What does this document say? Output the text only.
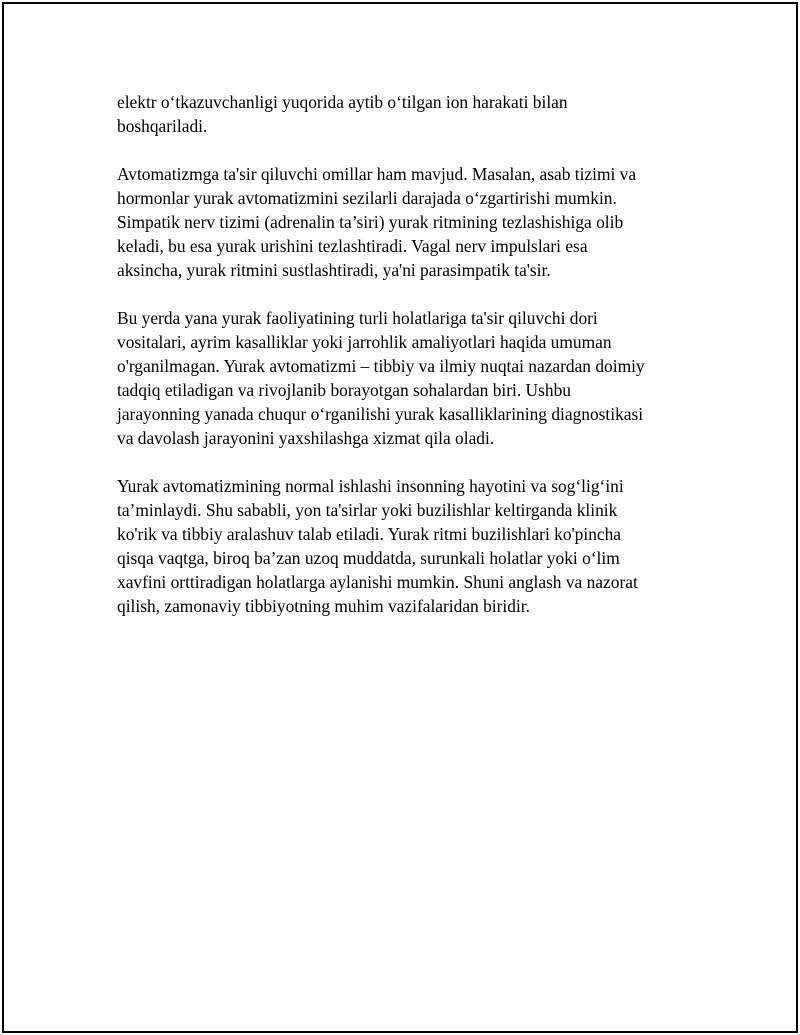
elektr o‘tkazuvchanligi yuqorida aytib o‘tilgan ion harakati bilan
boshqariladi.

Avtomatizmga ta'sir qiluvchi omillar ham mavjud. Masalan, asab tizimi va
hormonlar yurak avtomatizmini sezilarli darajada o‘zgartirishi mumkin.
Simpatik nerv tizimi (adrenalin ta’siri) yurak ritmining tezlashishiga olib
keladi, bu esa yurak urishini tezlashtiradi. Vagal nerv impulslari esa
aksincha, yurak ritmini sustlashtiradi, ya'ni parasimpatik ta'sir.

Bu yerda yana yurak faoliyatining turli holatlariga ta'sir qiluvchi dori
vositalari, ayrim kasalliklar yoki jarrohlik amaliyotlari haqida umuman
o'rganilmagan. Yurak avtomatizmi – tibbiy va ilmiy nuqtai nazardan doimiy
tadqiq etiladigan va rivojlanib borayotgan sohalardan biri. Ushbu
jarayonning yanada chuqur o‘rganilishi yurak kasalliklarining diagnostikasi
va davolash jarayonini yaxshilashga xizmat qila oladi.

Yurak avtomatizmining normal ishlashi insonning hayotini va sog‘lig‘ini
ta’minlaydi. Shu sababli, yon ta'sirlar yoki buzilishlar keltirganda klinik
ko'rik va tibbiy aralashuv talab etiladi. Yurak ritmi buzilishlari ko'pincha
qisqa vaqtga, biroq ba’zan uzoq muddatda, surunkali holatlar yoki o‘lim
xavfini orttiradigan holatlarga aylanishi mumkin. Shuni anglash va nazorat
qilish, zamonaviy tibbiyotning muhim vazifalaridan biridir.
